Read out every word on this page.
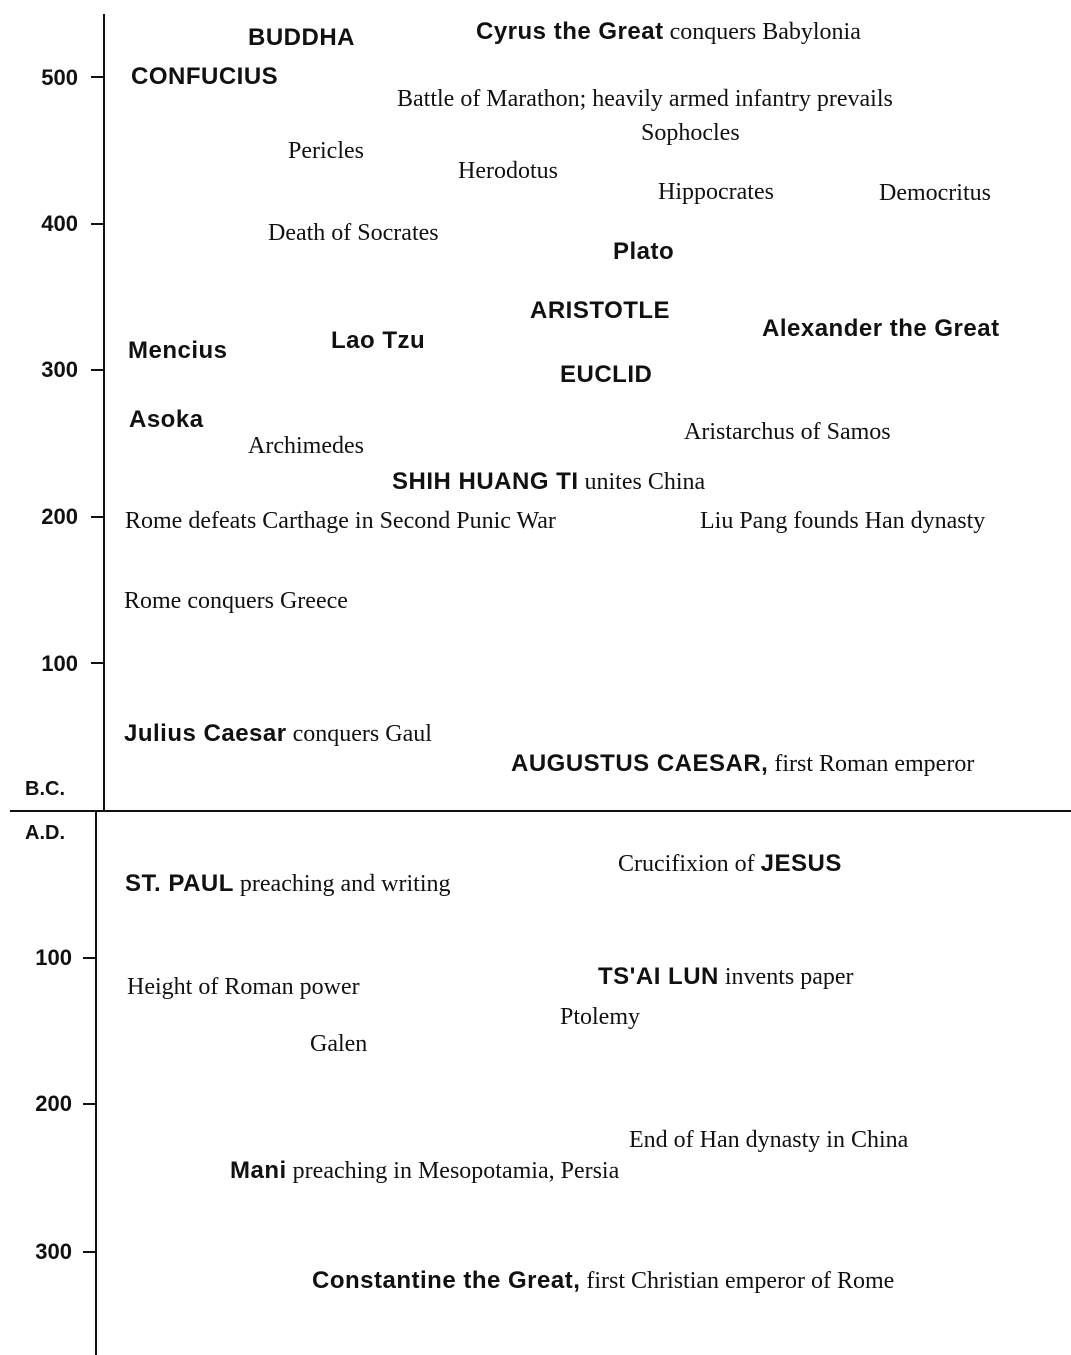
500
400
300
200
100
B.C.
A.D.
100
200
300
BUDDHA	Cyrus the Great conquers Babylonia
CONFUCIUS
Battle of Marathon; heavily armed infantry prevails
Sophocles
Pericles
Herodotus
Hippocrates	Democritus
Death of Socrates
Plato
ARISTOTLE
Alexander the Great
Mencius	Lao Tzu
EUCLID
Asoka
Archimedes
Aristarchus of Samos
SHIH HUANG TI unites China
Rome defeats Carthage in Second Punic War	Liu Pang founds Han dynasty
Rome conquers Greece
Julius Caesar conquers Gaul
AUGUSTUS CAESAR, first Roman emperor
Crucifixion of JESUS
ST. PAUL preaching and writing
Height of Roman power	TS'AI LUN invents paper
Ptolemy
Galen
End of Han dynasty in China
Mani preaching in Mesopotamia, Persia
Constantine the Great, first Christian emperor of Rome
